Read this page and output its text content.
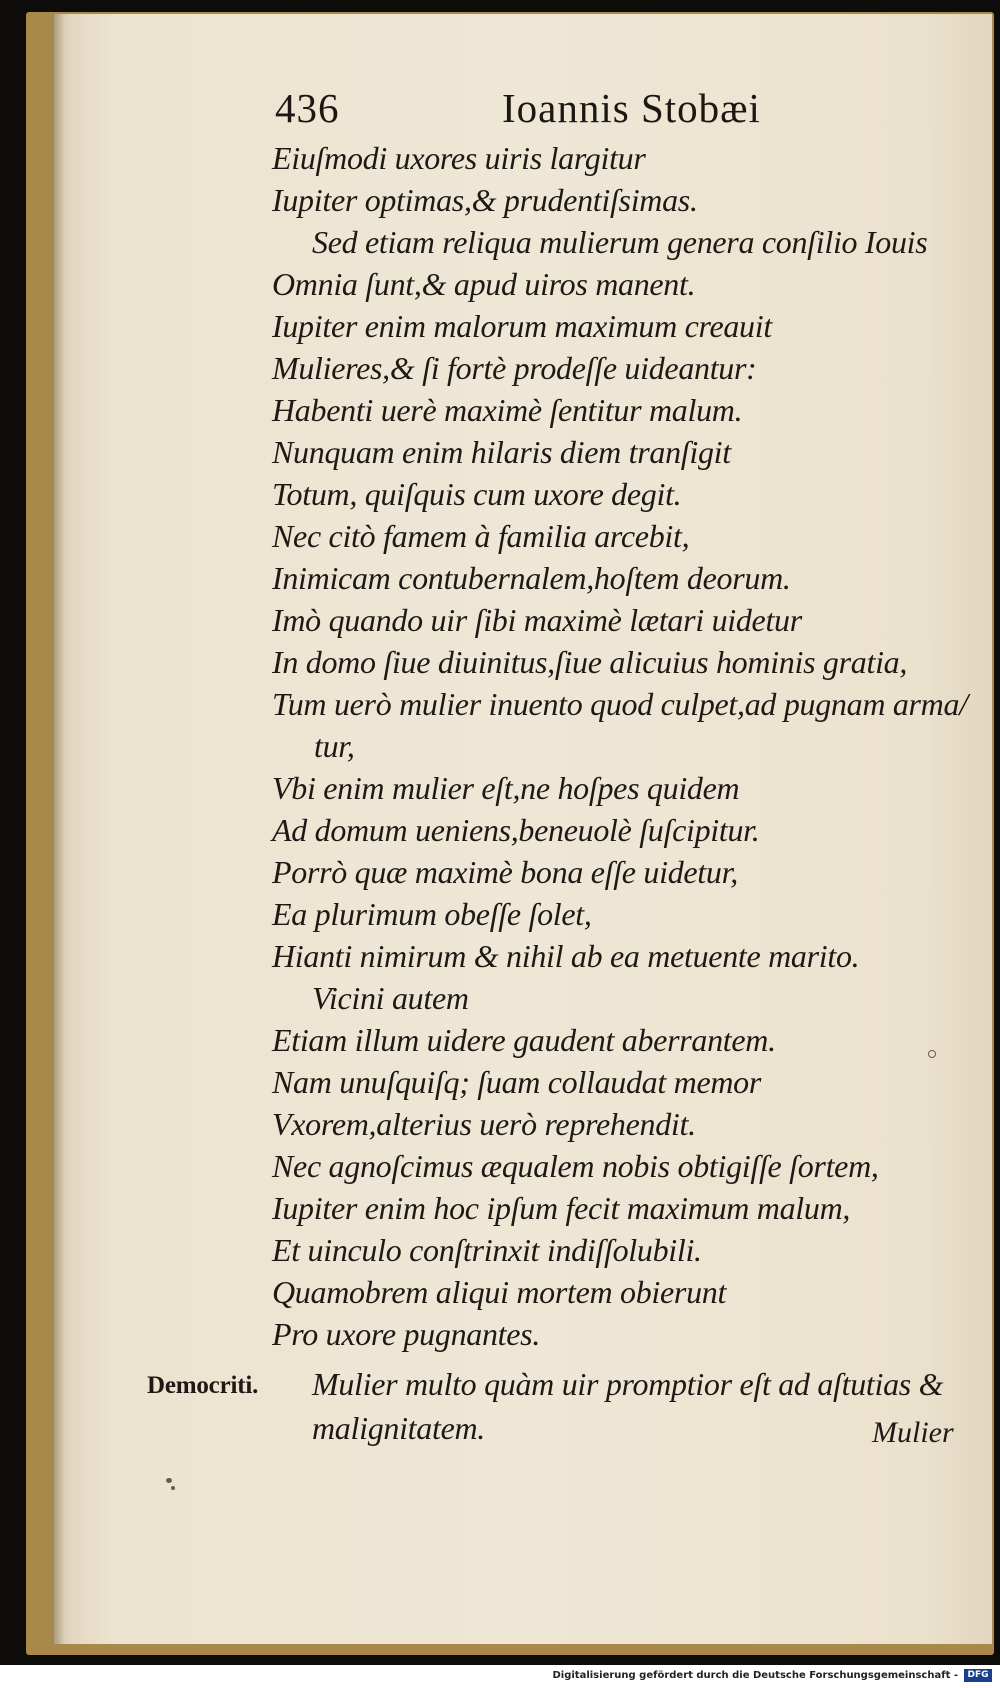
436	Ioannis Stobæi
Eiuſmodi uxores uiris largitur
Iupiter optimas,& prudentiſsimas.
Sed etiam reliqua mulierum genera conſilio Iouis
Omnia ſunt,& apud uiros manent.
Iupiter enim malorum maximum creauit
Mulieres,& ſi fortè prodeſſe uideantur:
Habenti uerè maximè ſentitur malum.
Nunquam enim hilaris diem tranſigit
Totum, quiſquis cum uxore degit.
Nec citò famem à familia arcebit,
Inimicam contubernalem,hoſtem deorum.
Imò quando uir ſibi maximè lætari uidetur
In domo ſiue diuinitus,ſiue alicuius hominis gratia,
Tum uerò mulier inuento quod culpet,ad pugnam arma/
tur,
Vbi enim mulier eſt,ne hoſpes quidem
Ad domum ueniens,beneuolè ſuſcipitur.
Porrò quæ maximè bona eſſe uidetur,
Ea plurimum obeſſe ſolet,
Hianti nimirum & nihil ab ea metuente marito.
Vicini autem
Etiam illum uidere gaudent aberrantem.
Nam unuſquiſq; ſuam collaudat memor
Vxorem,alterius uerò reprehendit.
Nec agnoſcimus æqualem nobis obtigiſſe ſortem,
Iupiter enim hoc ipſum fecit maximum malum,
Et uinculo conſtrinxit indiſſolubili.
Quamobrem aliqui mortem obierunt
Pro uxore pugnantes.
Democriti. Mulier multo quàm uir promptior eſt ad aſtutias &
malignitatem.	Mulier
Digitalisierung gefördert durch die Deutsche Forschungsgemeinschaft -	DFG
